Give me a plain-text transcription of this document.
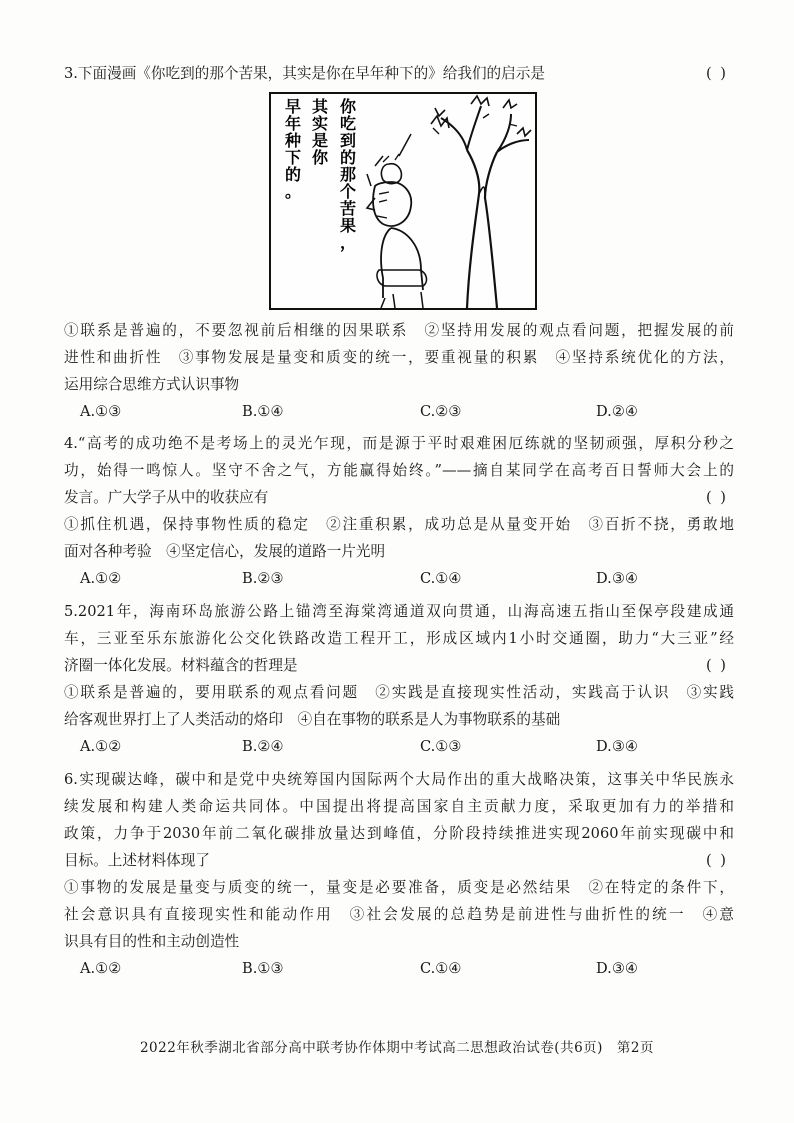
3.下面漫画《你吃到的那个苦果，其实是你在早年种下的》给我们的启示是	( )
你
吃
到
的
那
个
苦
果
，
其
实
是
你
早
年
种
下
的
。
①联系是普遍的，不要忽视前后相继的因果联系　②坚持用发展的观点看问题，把握发展的前
进性和曲折性　③事物发展是量变和质变的统一，要重视量的积累　④坚持系统优化的方法，
运用综合思维方式认识事物
A.①③	B.①④	C.②③	D.②④
4.“高考的成功绝不是考场上的灵光乍现，而是源于平时艰难困厄练就的坚韧顽强，厚积分秒之
功，始得一鸣惊人。坚守不舍之气，方能赢得始终。”——摘自某同学在高考百日誓师大会上的
发言。广大学子从中的收获应有	( )
①抓住机遇，保持事物性质的稳定　②注重积累，成功总是从量变开始　③百折不挠，勇敢地
面对各种考验　④坚定信心，发展的道路一片光明
A.①②	B.②③	C.①④	D.③④
5.2021年，海南环岛旅游公路上锚湾至海棠湾通道双向贯通，山海高速五指山至保亭段建成通
车，三亚至乐东旅游化公交化铁路改造工程开工，形成区域内1小时交通圈，助力“大三亚”经
济圈一体化发展。材料蕴含的哲理是	( )
①联系是普遍的，要用联系的观点看问题　②实践是直接现实性活动，实践高于认识　③实践
给客观世界打上了人类活动的烙印　④自在事物的联系是人为事物联系的基础
A.①②	B.②④	C.①③	D.③④
6.实现碳达峰，碳中和是党中央统筹国内国际两个大局作出的重大战略决策，这事关中华民族永
续发展和构建人类命运共同体。中国提出将提高国家自主贡献力度，采取更加有力的举措和
政策，力争于2030年前二氧化碳排放量达到峰值，分阶段持续推进实现2060年前实现碳中和
目标。上述材料体现了	( )
①事物的发展是量变与质变的统一，量变是必要准备，质变是必然结果　②在特定的条件下，
社会意识具有直接现实性和能动作用　③社会发展的总趋势是前进性与曲折性的统一　④意
识具有目的性和主动创造性
A.①②	B.①③	C.①④	D.③④
2022年秋季湖北省部分高中联考协作体期中考试高二思想政治试卷(共6页)　第2页
